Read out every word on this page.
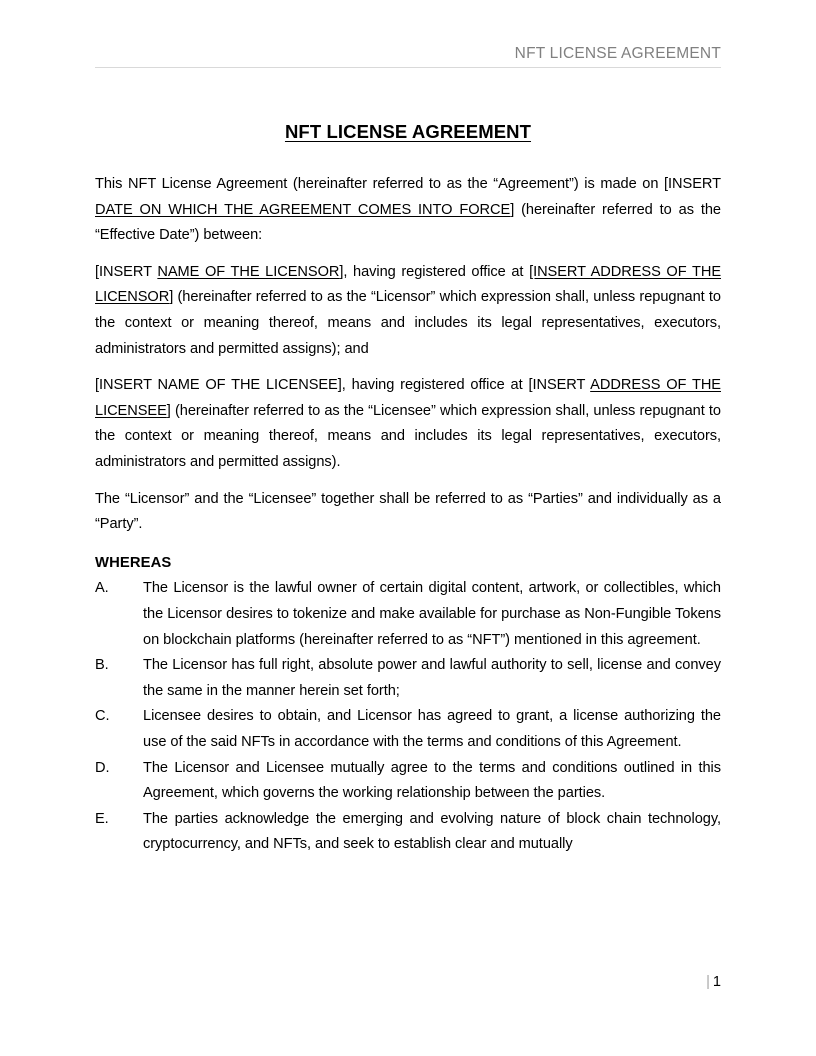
NFT LICENSE AGREEMENT
NFT LICENSE AGREEMENT

This NFT License Agreement (hereinafter referred to as the “Agreement”) is made on [INSERT DATE ON WHICH THE AGREEMENT COMES INTO FORCE] (hereinafter referred to as the “Effective Date”) between:

[INSERT NAME OF THE LICENSOR], having registered office at [INSERT ADDRESS OF THE LICENSOR] (hereinafter referred to as the “Licensor” which expression shall, unless repugnant to the context or meaning thereof, means and includes its legal representatives, executors, administrators and permitted assigns); and

[INSERT NAME OF THE LICENSEE], having registered office at [INSERT ADDRESS OF THE LICENSEE] (hereinafter referred to as the “Licensee” which expression shall, unless repugnant to the context or meaning thereof, means and includes its legal representatives, executors, administrators and permitted assigns).

The “Licensor” and the “Licensee” together shall be referred to as “Parties” and individually as a “Party”.

WHEREAS

A.	The Licensor is the lawful owner of certain digital content, artwork, or collectibles, which the Licensor desires to tokenize and make available for purchase as Non-Fungible Tokens on blockchain platforms (hereinafter referred to as “NFT”) mentioned in this agreement.
B.	The Licensor has full right, absolute power and lawful authority to sell, license and convey the same in the manner herein set forth;
C.	Licensee desires to obtain, and Licensor has agreed to grant, a license authorizing the use of the said NFTs in accordance with the terms and conditions of this Agreement.
D.	The Licensor and Licensee mutually agree to the terms and conditions outlined in this Agreement, which governs the working relationship between the parties.
E.	The parties acknowledge the emerging and evolving nature of block chain technology, cryptocurrency, and NFTs, and seek to establish clear and mutually
| 1
